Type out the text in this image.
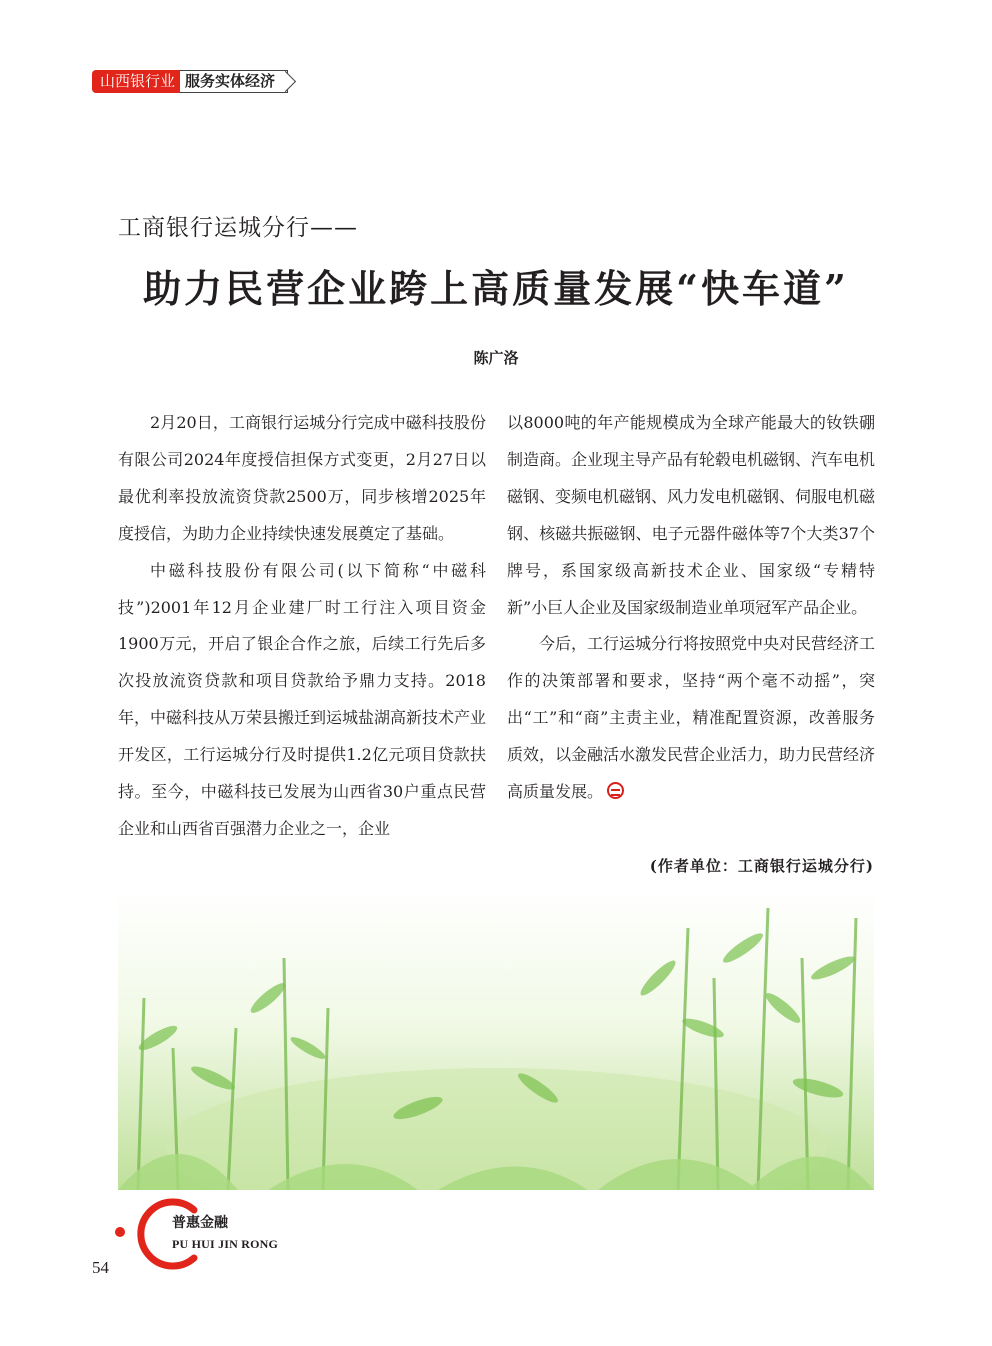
山西银行业 服务实体经济
工商银行运城分行——
助力民营企业跨上高质量发展“快车道”
陈广洛

2月20日，工商银行运城分行完成中磁科技股份有限公司2024年度授信担保方式变更，2月27日以最优利率投放流资贷款2500万，同步核增2025年度授信，为助力企业持续快速发展奠定了基础。

中磁科技股份有限公司(以下简称“中磁科技”)2001年12月企业建厂时工行注入项目资金1900万元，开启了银企合作之旅，后续工行先后多次投放流资贷款和项目贷款给予鼎力支持。2018年，中磁科技从万荣县搬迁到运城盐湖高新技术产业开发区，工行运城分行及时提供1.2亿元项目贷款扶持。至今，中磁科技已发展为山西省30户重点民营企业和山西省百强潜力企业之一，企业

以8000吨的年产能规模成为全球产能最大的钕铁硼制造商。企业现主导产品有轮毂电机磁钢、汽车电机磁钢、变频电机磁钢、风力发电机磁钢、伺服电机磁钢、核磁共振磁钢、电子元器件磁体等7个大类37个牌号，系国家级高新技术企业、国家级“专精特新”小巨人企业及国家级制造业单项冠军产品企业。

今后，工行运城分行将按照党中央对民营经济工作的决策部署和要求，坚持“两个毫不动摇”，突出“工”和“商”主责主业，精准配置资源，改善服务质效，以金融活水激发民营企业活力，助力民营经济高质量发展。

(作者单位：工商银行运城分行)
普惠金融
PU HUI JIN RONG
54
